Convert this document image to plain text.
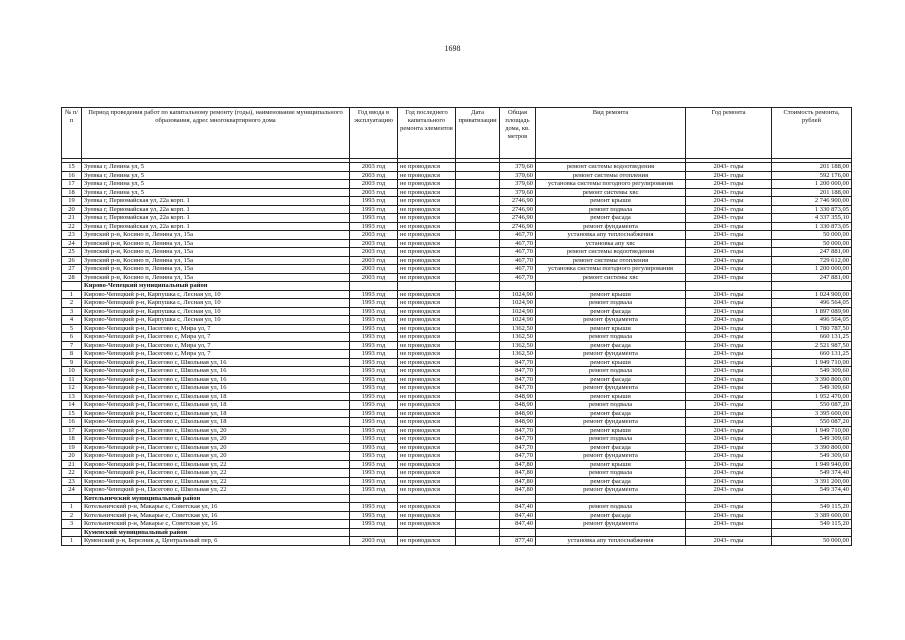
1698
№ п/п	Период проведения работ по капитальному ремонту (годы), наименование муниципального образования, адрес многоквартирного дома	Год ввода в эксплуатацию	Год последнего капитального ремонта элементов	Дата приватизации	Общая площадь дома, кв. метров	Вид ремонта	Год ремонта	Стоимость ремонта, рублей

15	Зуевка г, Ленина ул, 5	2003 год	не проводился		379,60	ремонт системы водоотведения	2043- годы	201 188,00
16	Зуевка г, Ленина ул, 5	2003 год	не проводился		379,60	ремонт системы отопления	2043- годы	592 176,00
17	Зуевка г, Ленина ул, 5	2003 год	не проводился		379,60	установка системы погодного регулирования	2043- годы	1 200 000,00
18	Зуевка г, Ленина ул, 5	2003 год	не проводился		379,60	ремонт системы хвс	2043- годы	201 188,00
19	Зуевка г, Первомайская ул, 22а корп. 1	1993 год	не проводился		2746,90	ремонт крыши	2043- годы	2 746 900,00
20	Зуевка г, Первомайская ул, 22а корп. 1	1993 год	не проводился		2746,90	ремонт подвала	2043- годы	1 330 873,05
21	Зуевка г, Первомайская ул, 22а корп. 1	1993 год	не проводился		2746,90	ремонт фасада	2043- годы	4 337 355,10
22	Зуевка г, Первомайская ул, 22а корп. 1	1993 год	не проводился		2746,90	ремонт фундамента	2043- годы	1 330 873,05
23	Зуевский р-н, Косино п, Ленина ул, 15а	2003 год	не проводился		467,70	установка апу теплоснабжения	2043- годы	50 000,00
24	Зуевский р-н, Косино п, Ленина ул, 15а	2003 год	не проводился		467,70	установка апу хвс	2043- годы	50 000,00
25	Зуевский р-н, Косино п, Ленина ул, 15а	2003 год	не проводился		467,70	ремонт системы водоотведения	2043- годы	247 881,00
26	Зуевский р-н, Косино п, Ленина ул, 15а	2003 год	не проводился		467,70	ремонт системы отопления	2043- годы	729 612,00
27	Зуевский р-н, Косино п, Ленина ул, 15а	2003 год	не проводился		467,70	установка системы погодного регулирования	2043- годы	1 200 000,00
28	Зуевский р-н, Косино п, Ленина ул, 15а	2003 год	не проводился		467,70	ремонт системы хвс	2043- годы	247 881,00
	Кирово-Чепецкий муниципальный район							
1	Кирово-Чепецкий р-н, Карпушка с, Лесная ул, 10	1993 год	не проводился		1024,90	ремонт крыши	2043- годы	1 024 900,00
2	Кирово-Чепецкий р-н, Карпушка с, Лесная ул, 10	1993 год	не проводился		1024,90	ремонт подвала	2043- годы	496 564,05
3	Кирово-Чепецкий р-н, Карпушка с, Лесная ул, 10	1993 год	не проводился		1024,90	ремонт фасада	2043- годы	1 897 089,90
4	Кирово-Чепецкий р-н, Карпушка с, Лесная ул, 10	1993 год	не проводился		1024,90	ремонт фундамента	2043- годы	496 564,05
5	Кирово-Чепецкий р-н, Пасегово с, Мира ул, 7	1993 год	не проводился		1362,50	ремонт крыши	2043- годы	1 780 787,50
6	Кирово-Чепецкий р-н, Пасегово с, Мира ул, 7	1993 год	не проводился		1362,50	ремонт подвала	2043- годы	660 131,25
7	Кирово-Чепецкий р-н, Пасегово с, Мира ул, 7	1993 год	не проводился		1362,50	ремонт фасада	2043- годы	2 521 987,50
8	Кирово-Чепецкий р-н, Пасегово с, Мира ул, 7	1993 год	не проводился		1362,50	ремонт фундамента	2043- годы	660 131,25
9	Кирово-Чепецкий р-н, Пасегово с, Школьная ул, 16	1993 год	не проводился		847,70	ремонт крыши	2043- годы	1 949 710,00
10	Кирово-Чепецкий р-н, Пасегово с, Школьная ул, 16	1993 год	не проводился		847,70	ремонт подвала	2043- годы	549 309,60
11	Кирово-Чепецкий р-н, Пасегово с, Школьная ул, 16	1993 год	не проводился		847,70	ремонт фасада	2043- годы	3 390 800,00
12	Кирово-Чепецкий р-н, Пасегово с, Школьная ул, 16	1993 год	не проводился		847,70	ремонт фундамента	2043- годы	549 309,60
13	Кирово-Чепецкий р-н, Пасегово с, Школьная ул, 18	1993 год	не проводился		848,90	ремонт крыши	2043- годы	1 952 470,00
14	Кирово-Чепецкий р-н, Пасегово с, Школьная ул, 18	1993 год	не проводился		848,90	ремонт подвала	2043- годы	550 087,20
15	Кирово-Чепецкий р-н, Пасегово с, Школьная ул, 18	1993 год	не проводился		848,90	ремонт фасада	2043- годы	3 395 600,00
16	Кирово-Чепецкий р-н, Пасегово с, Школьная ул, 18	1993 год	не проводился		848,90	ремонт фундамента	2043- годы	550 087,20
17	Кирово-Чепецкий р-н, Пасегово с, Школьная ул, 20	1993 год	не проводился		847,70	ремонт крыши	2043- годы	1 949 710,00
18	Кирово-Чепецкий р-н, Пасегово с, Школьная ул, 20	1993 год	не проводился		847,70	ремонт подвала	2043- годы	549 309,60
19	Кирово-Чепецкий р-н, Пасегово с, Школьная ул, 20	1993 год	не проводился		847,70	ремонт фасада	2043- годы	3 390 800,00
20	Кирово-Чепецкий р-н, Пасегово с, Школьная ул, 20	1993 год	не проводился		847,70	ремонт фундамента	2043- годы	549 309,60
21	Кирово-Чепецкий р-н, Пасегово с, Школьная ул, 22	1993 год	не проводился		847,80	ремонт крыши	2043- годы	1 949 940,00
22	Кирово-Чепецкий р-н, Пасегово с, Школьная ул, 22	1993 год	не проводился		847,80	ремонт подвала	2043- годы	549 374,40
23	Кирово-Чепецкий р-н, Пасегово с, Школьная ул, 22	1993 год	не проводился		847,80	ремонт фасада	2043- годы	3 391 200,00
24	Кирово-Чепецкий р-н, Пасегово с, Школьная ул, 22	1993 год	не проводился		847,80	ремонт фундамента	2043- годы	549 374,40
	Котельничский муниципальный район							
1	Котельничский р-н, Макарье с, Советская ул, 16	1993 год	не проводился		847,40	ремонт подвала	2043- годы	549 115,20
2	Котельничский р-н, Макарье с, Советская ул, 16	1993 год	не проводился		847,40	ремонт фасада	2043- годы	3 389 600,00
3	Котельничский р-н, Макарье с, Советская ул, 16	1993 год	не проводился		847,40	ремонт фундамента	2043- годы	549 115,20
	Куменский муниципальный район							
1	Куменский р-н, Березник д, Центральный пер, 6	2003 год	не проводился		877,40	установка апу теплоснабжения	2043- годы	50 000,00
